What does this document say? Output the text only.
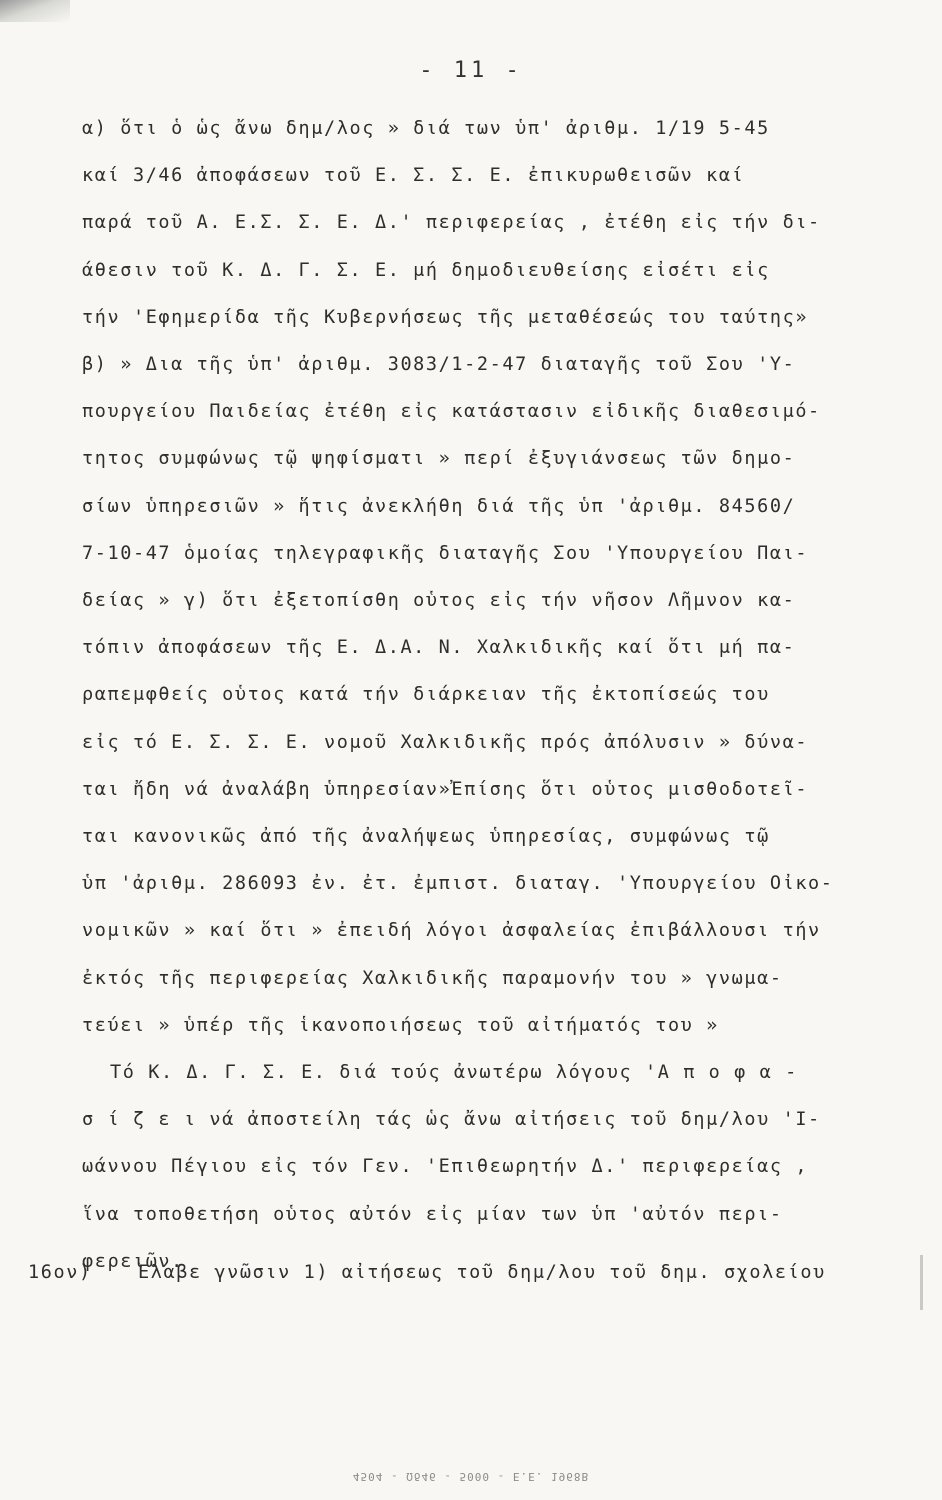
- 11 -
α) ὅτι ὁ ὡς ἄνω δημ/λος » διά των ὑπ' ἀριθμ. 1/19 5-45
καί 3/46 ἀποφάσεων τοῦ Ε. Σ. Σ. Ε. ἐπικυρωθεισῶν καί
παρά τοῦ Α. Ε.Σ. Σ. Ε. Δ.' περιφερείας , ἐτέθη εἰς τήν δι-
άθεσιν τοῦ Κ. Δ. Γ. Σ. Ε. μή δημοδιευθείσης εἰσέτι εἰς
τήν 'Εφημερίδα τῆς Κυβερνήσεως τῆς μεταθέσεώς του ταύτης»
β) » Δια τῆς ὑπ' ἀριθμ. 3083/1-2-47 διαταγῆς τοῦ Σου 'Υ-
πουργείου Παιδείας ἐτέθη εἰς κατάστασιν εἰδικῆς διαθεσιμό-
τητος συμφώνως τῷ ψηφίσματι » περί ἐξυγιάνσεως τῶν δημο-
σίων ὑπηρεσιῶν » ἥτις ἀνεκλήθη διά τῆς ὑπ 'ἀριθμ. 84560/
7-10-47 ὁμοίας τηλεγραφικῆς διαταγῆς Σου 'Υπουργείου Παι-
δείας » γ) ὅτι ἐξετοπίσθη οὗτος εἰς τήν νῆσον Λῆμνον κα-
τόπιν ἀποφάσεων τῆς Ε. Δ.Α. Ν. Χαλκιδικῆς καί ὅτι μή πα-
ραπεμφθείς οὗτος κατά τήν διάρκειαν τῆς ἐκτοπίσεώς του
εἰς τό Ε. Σ. Σ. Ε. νομοῦ Χαλκιδικῆς πρός ἀπόλυσιν » δύνα-
ται ἤδη νά ἀναλάβη ὑπηρεσίαν»Ἐπίσης ὅτι οὗτος μισθοδοτεῖ-
ται κανονικῶς ἀπό τῆς ἀναλήψεως ὑπηρεσίας, συμφώνως τῷ
ὑπ 'ἀριθμ. 286093 ἐν. ἐτ. ἐμπιστ. διαταγ. 'Υπουργείου Οἰκο-
νομικῶν » καί ὅτι » ἐπειδή λόγοι ἀσφαλείας ἐπιβάλλουσι τήν
ἐκτός τῆς περιφερείας Χαλκιδικῆς παραμονήν του » γνωμα-
τεύει » ὑπέρ τῆς ἱκανοποιήσεως τοῦ αἰτήματός του »
Τό Κ. Δ. Γ. Σ. Ε. διά τούς ἀνωτέρω λόγους 'Α π ο φ α -
σ ί ζ ε ι νά ἀποστείλη τάς ὡς ἄνω αἰτήσεις τοῦ δημ/λου 'Ι-
ωάννου Πέγιου εἰς τόν Γεν. 'Επιθεωρητήν Δ.' περιφερείας ,
ἵνα τοποθετήση οὗτος αὐτόν εἰς μίαν των ὑπ 'αὐτόν περι-
φερειῶν.
16ον)	Ἔλαβε γνῶσιν 1) αἰτήσεως τοῦ δημ/λου τοῦ δημ. σχολείου
4504 - Ωδ46 - 5000 - Ε.Ε. 1968Β
